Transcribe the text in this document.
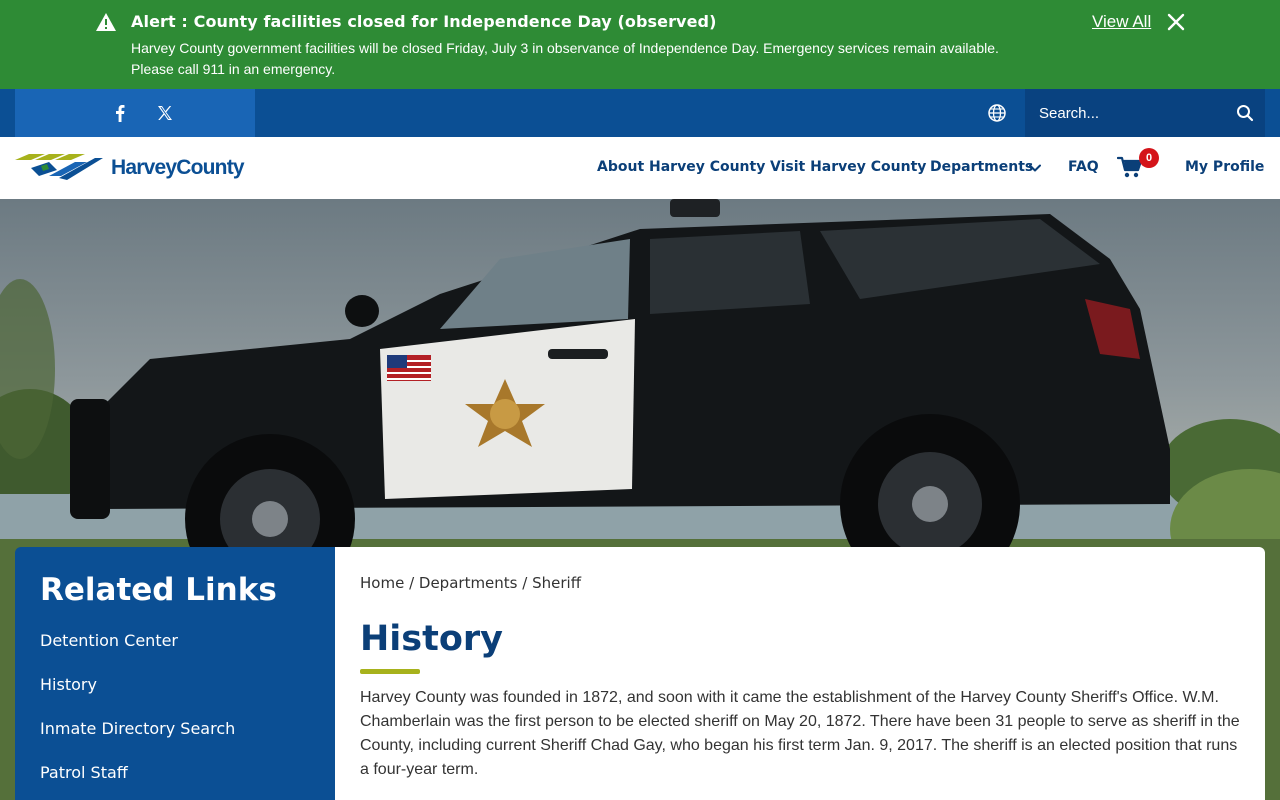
Alert : County facilities closed for Independence Day (observed)
Harvey County government facilities will be closed Friday, July 3 in observance of Independence Day. Emergency services remain available. Please call 911 in an emergency.
View All
Search...
HarveyCounty	About Harvey County Visit Harvey County Departments FAQ
0
My Profile
Related Links
Detention Center
History
Inmate Directory Search
Patrol Staff
Home / Departments / Sheriff
History

Harvey County was founded in 1872, and soon with it came the establishment of the Harvey County Sheriff's Office. W.M. Chamberlain was the first person to be elected sheriff on May 20, 1872. There have been 31 people to serve as sheriff in the County, including current Sheriff Chad Gay, who began his first term Jan. 9, 2017. The sheriff is an elected position that runs a four-year term.
